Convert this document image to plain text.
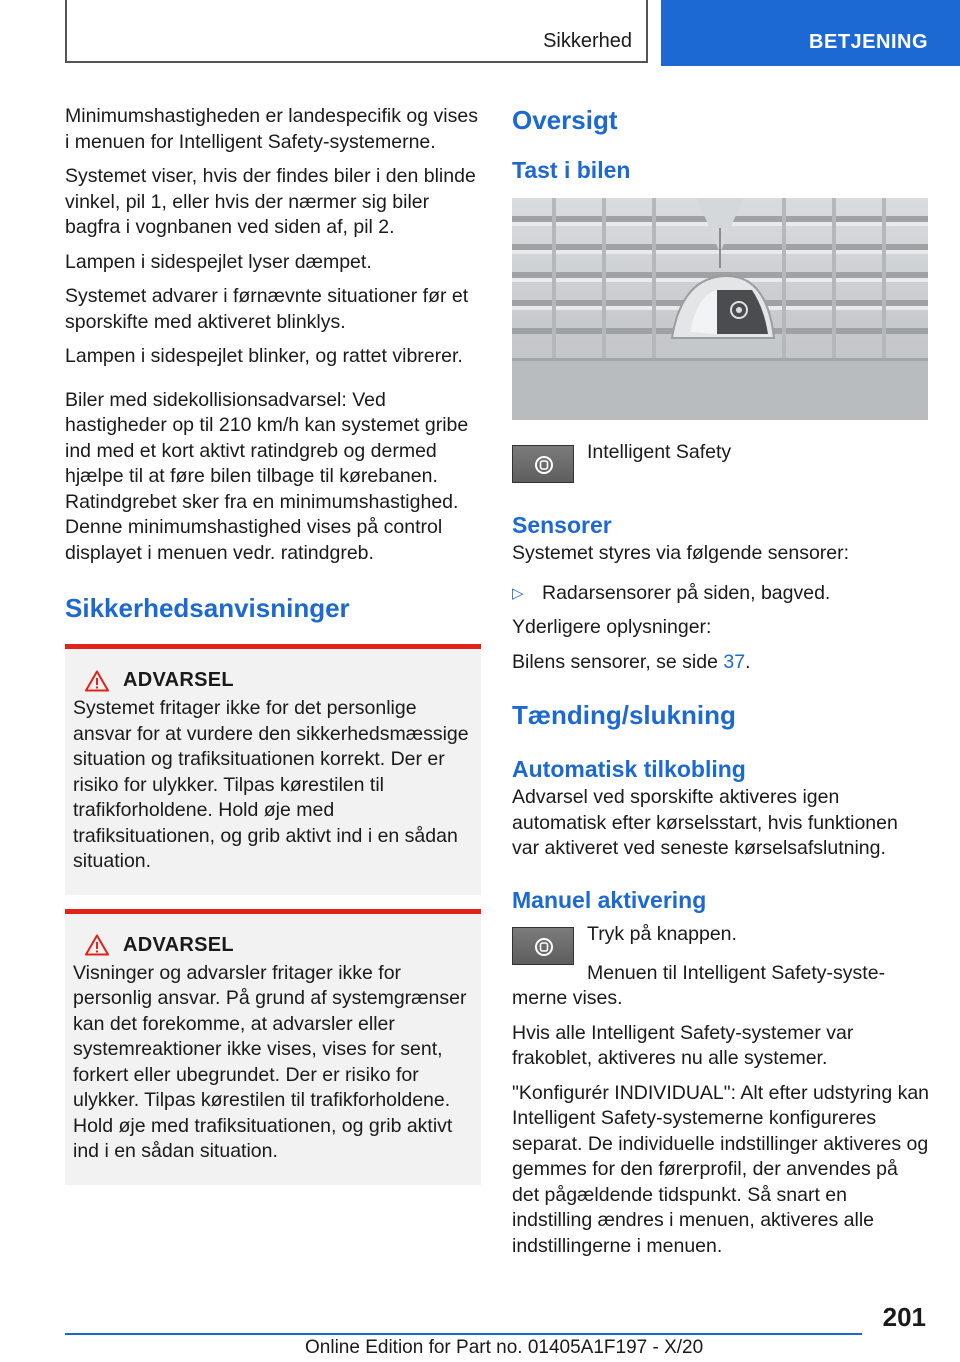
Sikkerhed	BETJENING

Minimumshastigheden er landespecifik og vises i menuen for Intelligent Safety-systemerne.

Systemet viser, hvis der findes biler i den blinde vinkel, pil 1, eller hvis der nærmer sig biler bagfra i vognbanen ved siden af, pil 2.

Lampen i sidespejlet lyser dæmpet.

Systemet advarer i førnævnte situationer før et sporskifte med aktiveret blinklys.

Lampen i sidespejlet blinker, og rattet vibrerer.

Biler med sidekollisionsadvarsel: Ved hastigheder op til 210 km/h kan systemet gribe ind med et kort aktivt ratindgreb og dermed hjælpe til at føre bilen tilbage til kørebanen. Ratindgrebet sker fra en minimumshastighed. Denne minimumshastighed vises på control displayet i menuen vedr. ratindgreb.

Sikkerhedsanvisninger
ADVARSEL

Systemet fritager ikke for det personlige ansvar for at vurdere den sikkerhedsmæssige situation og trafiksituationen korrekt. Der er risiko for ulykker. Tilpas kørestilen til trafikforholdene. Hold øje med trafiksituationen, og grib aktivt ind i en sådan situation.

ADVARSEL

Visninger og advarsler fritager ikke for personlig ansvar. På grund af systemgrænser kan det forekomme, at advarsler eller systemreaktioner ikke vises, vises for sent, forkert eller ubegrundet. Der er risiko for ulykker. Tilpas kørestilen til trafikforholdene. Hold øje med trafiksituationen, og grib aktivt ind i en sådan situation.

Oversigt
Tast i bilen

Intelligent Safety

Sensorer

Systemet styres via følgende sensorer:

▷ Radarsensorer på siden, bagved.

Yderligere oplysninger:

Bilens sensorer, se side 37.

Tænding/slukning
Automatisk tilkobling

Advarsel ved sporskifte aktiveres igen automatisk efter kørselsstart, hvis funktionen var aktiveret ved seneste kørselsafslutning.

Manuel aktivering

Tryk på knappen.

Menuen til Intelligent Safety-systemerne vises.

Hvis alle Intelligent Safety-systemer var frakoblet, aktiveres nu alle systemer.

"Konfigurér INDIVIDUAL": Alt efter udstyring kan Intelligent Safety-systemerne konfigureres separat. De individuelle indstillinger aktiveres og gemmes for den førerprofil, der anvendes på det pågældende tidspunkt. Så snart en indstilling ændres i menuen, aktiveres alle indstillingerne i menuen.

201
Online Edition for Part no. 01405A1F197 - X/20
